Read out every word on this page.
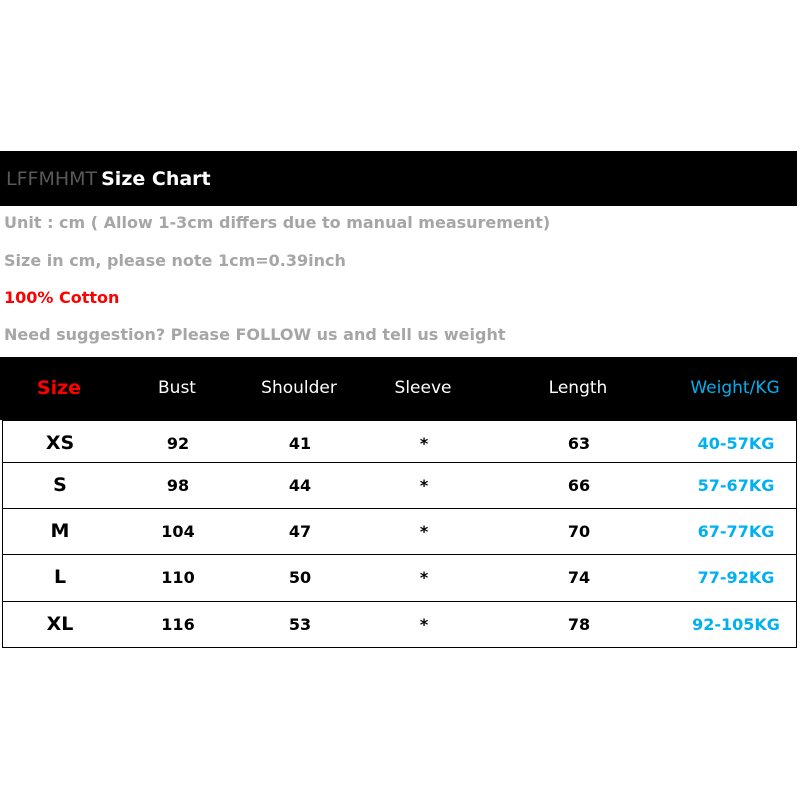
LFFMHMT Size Chart
Unit : cm ( Allow 1-3cm differs due to manual measurement)
Size in cm, please note 1cm=0.39inch
100% Cotton
Need suggestion? Please FOLLOW us and tell us weight
Size	Bust	Shoulder	Sleeve	Length	Weight/KG
XS	92	41	*	63	40-57KG
S	98	44	*	66	57-67KG
M	104	47	*	70	67-77KG
L	110	50	*	74	77-92KG
XL	116	53	*	78	92-105KG
